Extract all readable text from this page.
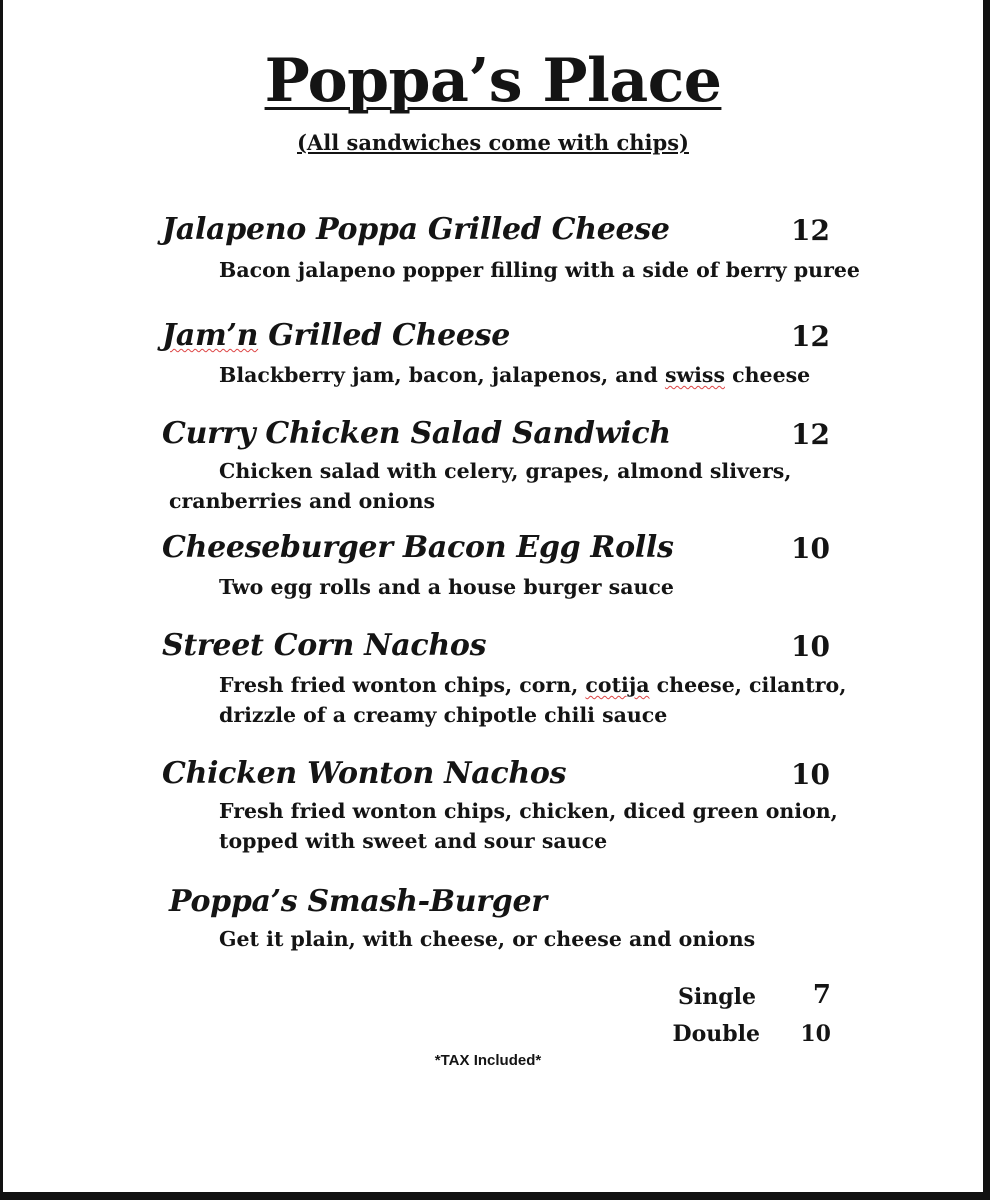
Poppa’s Place
(All sandwiches come with chips)
Jalapeno Poppa Grilled Cheese	12
Bacon jalapeno popper filling with a side of berry puree
Jam’n Grilled Cheese	12
Blackberry jam, bacon, jalapenos, and swiss cheese
Curry Chicken Salad Sandwich	12
Chicken salad with celery, grapes, almond slivers,
cranberries and onions
Cheeseburger Bacon Egg Rolls	10
Two egg rolls and a house burger sauce
Street Corn Nachos	10
Fresh fried wonton chips, corn, cotija cheese, cilantro,
drizzle of a creamy chipotle chili sauce
Chicken Wonton Nachos	10
Fresh fried wonton chips, chicken, diced green onion,
topped with sweet and sour sauce
Poppa’s Smash-Burger
Get it plain, with cheese, or cheese and onions
Single 7
Double 10
*TAX Included*
